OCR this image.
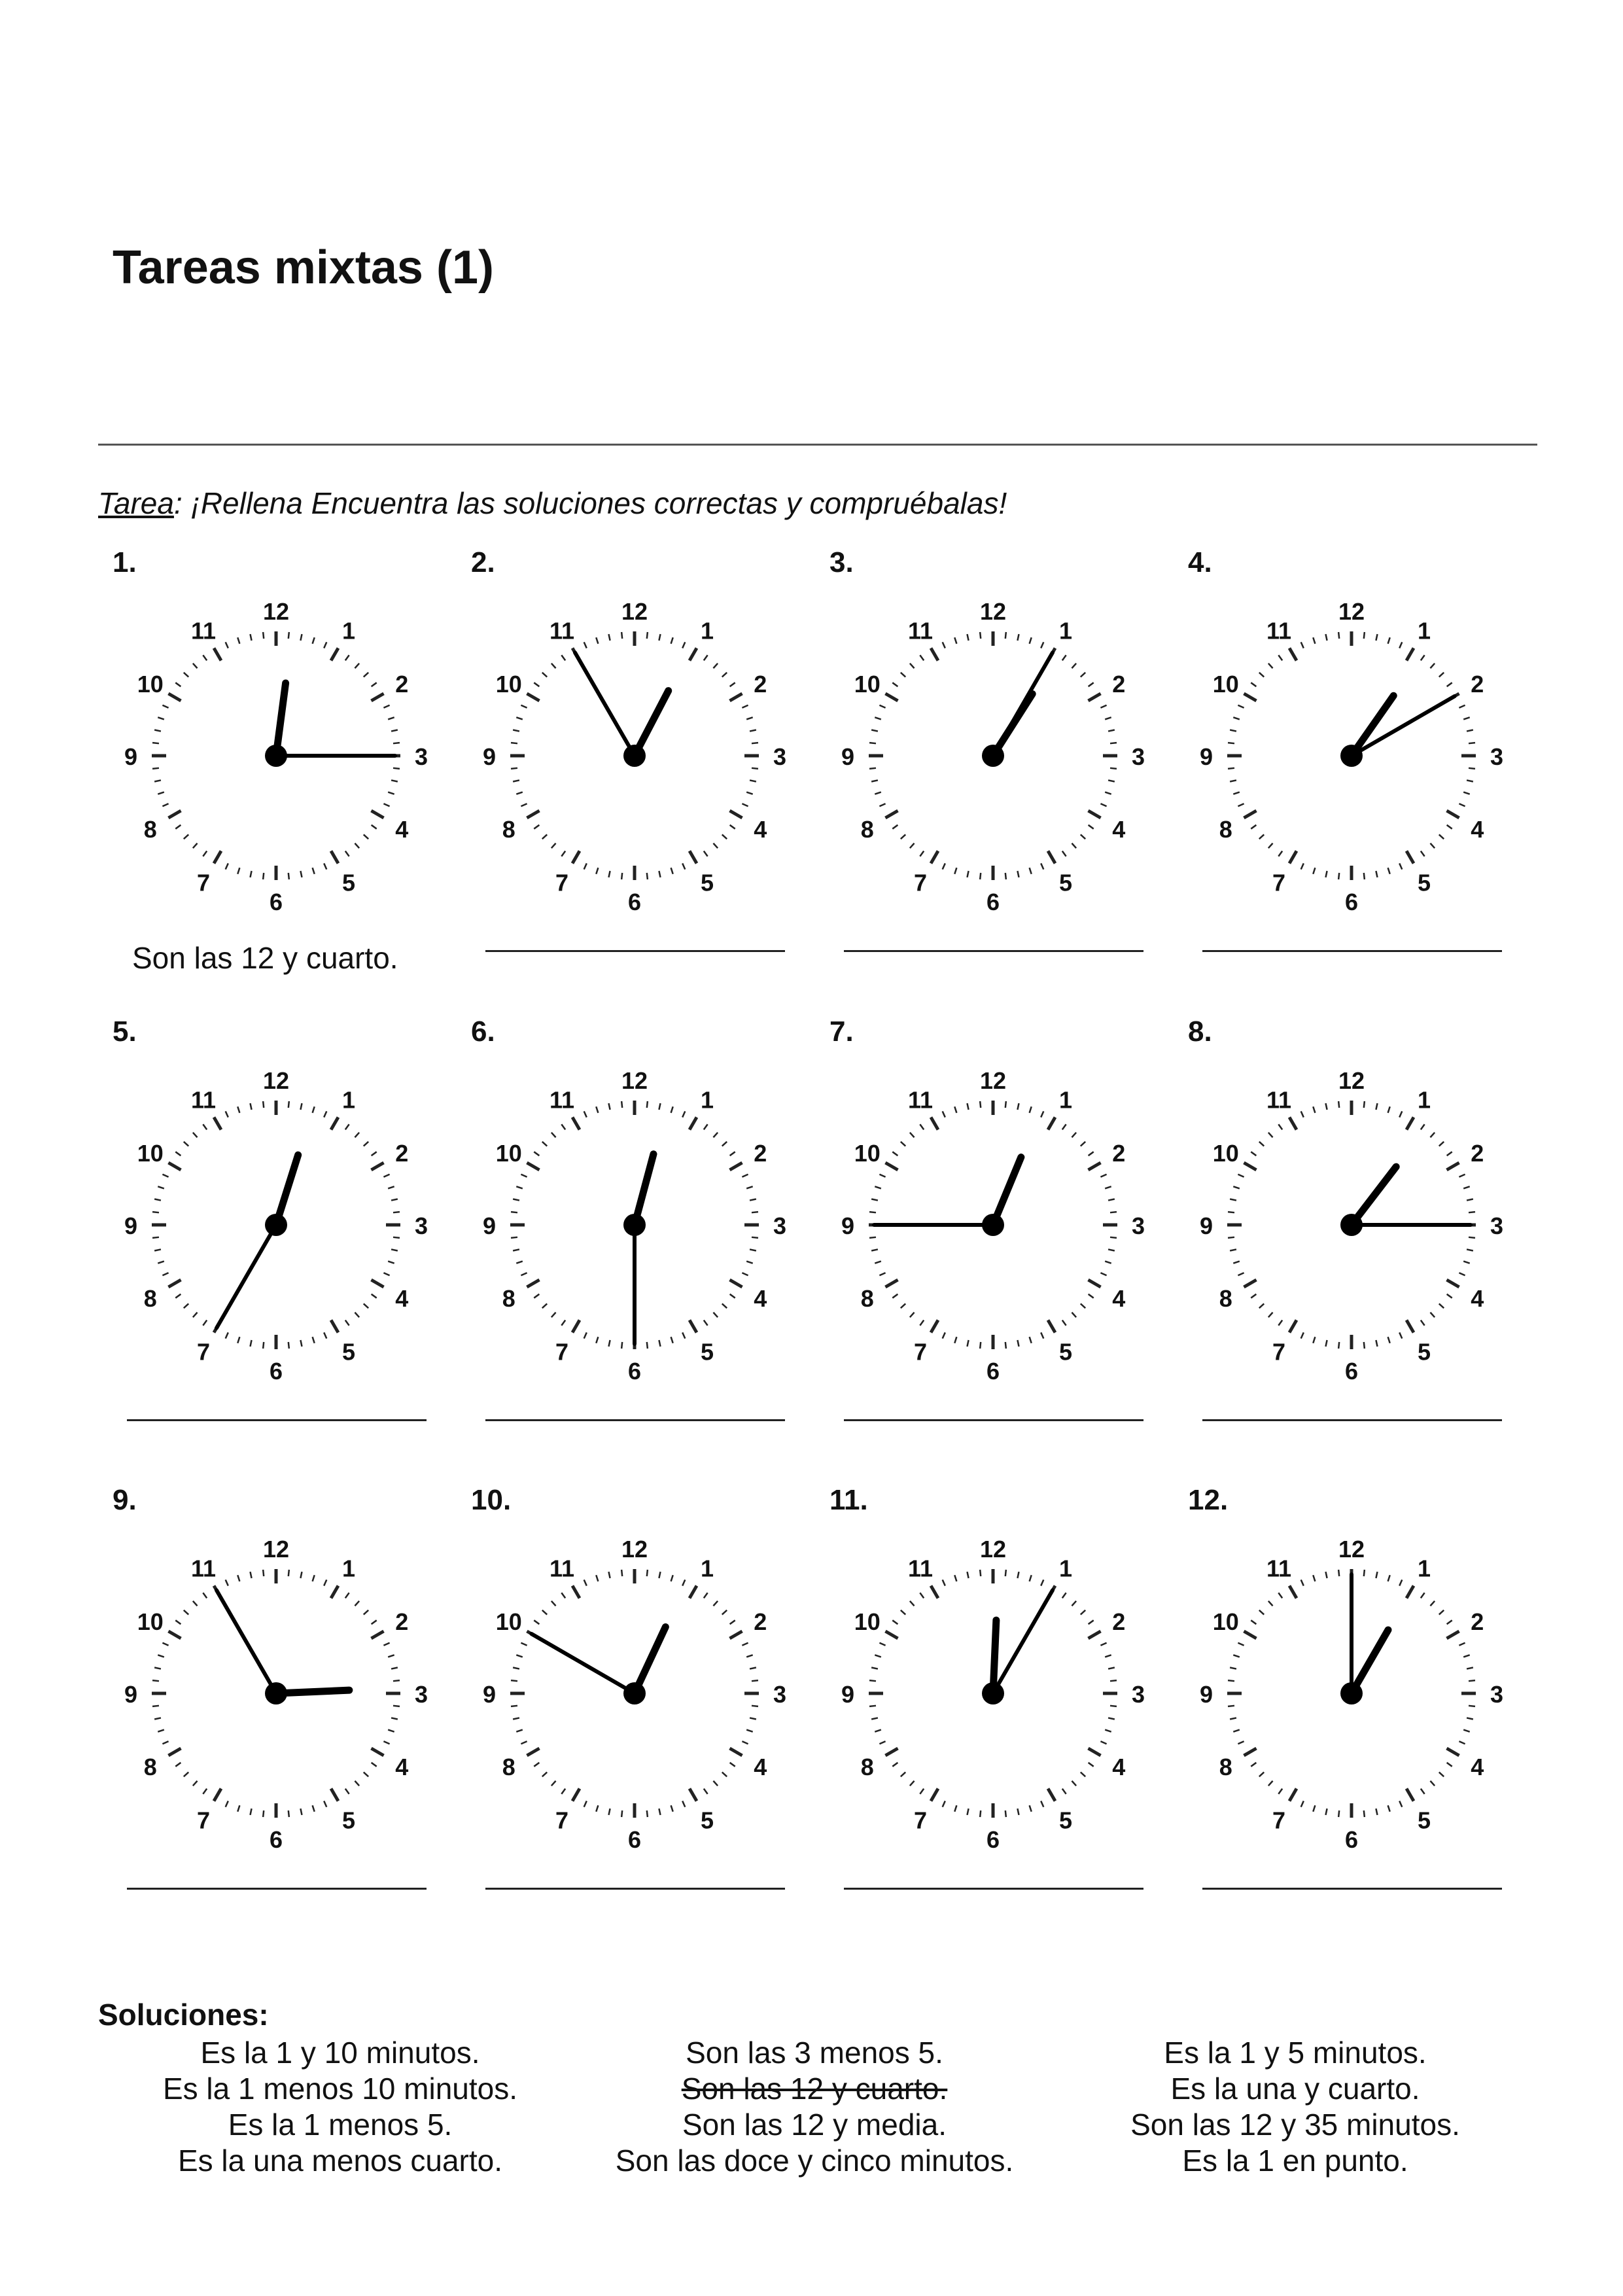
Tareas mixtas (1)
Tarea: ¡Rellena Encuentra las soluciones correctas y compruébalas!
1.
12
1
2
3
4
5
6
7
8
9
10
11
Son las 12 y cuarto.
2.
12
1
2
3
4
5
6
7
8
9
10
11
3.
12
1
2
3
4
5
6
7
8
9
10
11
4.
12
1
2
3
4
5
6
7
8
9
10
11
5.
12
1
2
3
4
5
6
7
8
9
10
11
6.
12
1
2
3
4
5
6
7
8
9
10
11
7.
12
1
2
3
4
5
6
7
8
9
10
11
8.
12
1
2
3
4
5
6
7
8
9
10
11
9.
12
1
2
3
4
5
6
7
8
9
10
11
10.
12
1
2
3
4
5
6
7
8
9
10
11
11.
12
1
2
3
4
5
6
7
8
9
10
11
12.
12
1
2
3
4
5
6
7
8
9
10
11
Soluciones:
Es la 1 y 10 minutos.
Es la 1 menos 10 minutos.
Es la 1 menos 5.
Es la una menos cuarto.
Son las 3 menos 5.
Son las 12 y cuarto.
Son las 12 y media.
Son las doce y cinco minutos.
Es la 1 y 5 minutos.
Es la una y cuarto.
Son las 12 y 35 minutos.
Es la 1 en punto.
